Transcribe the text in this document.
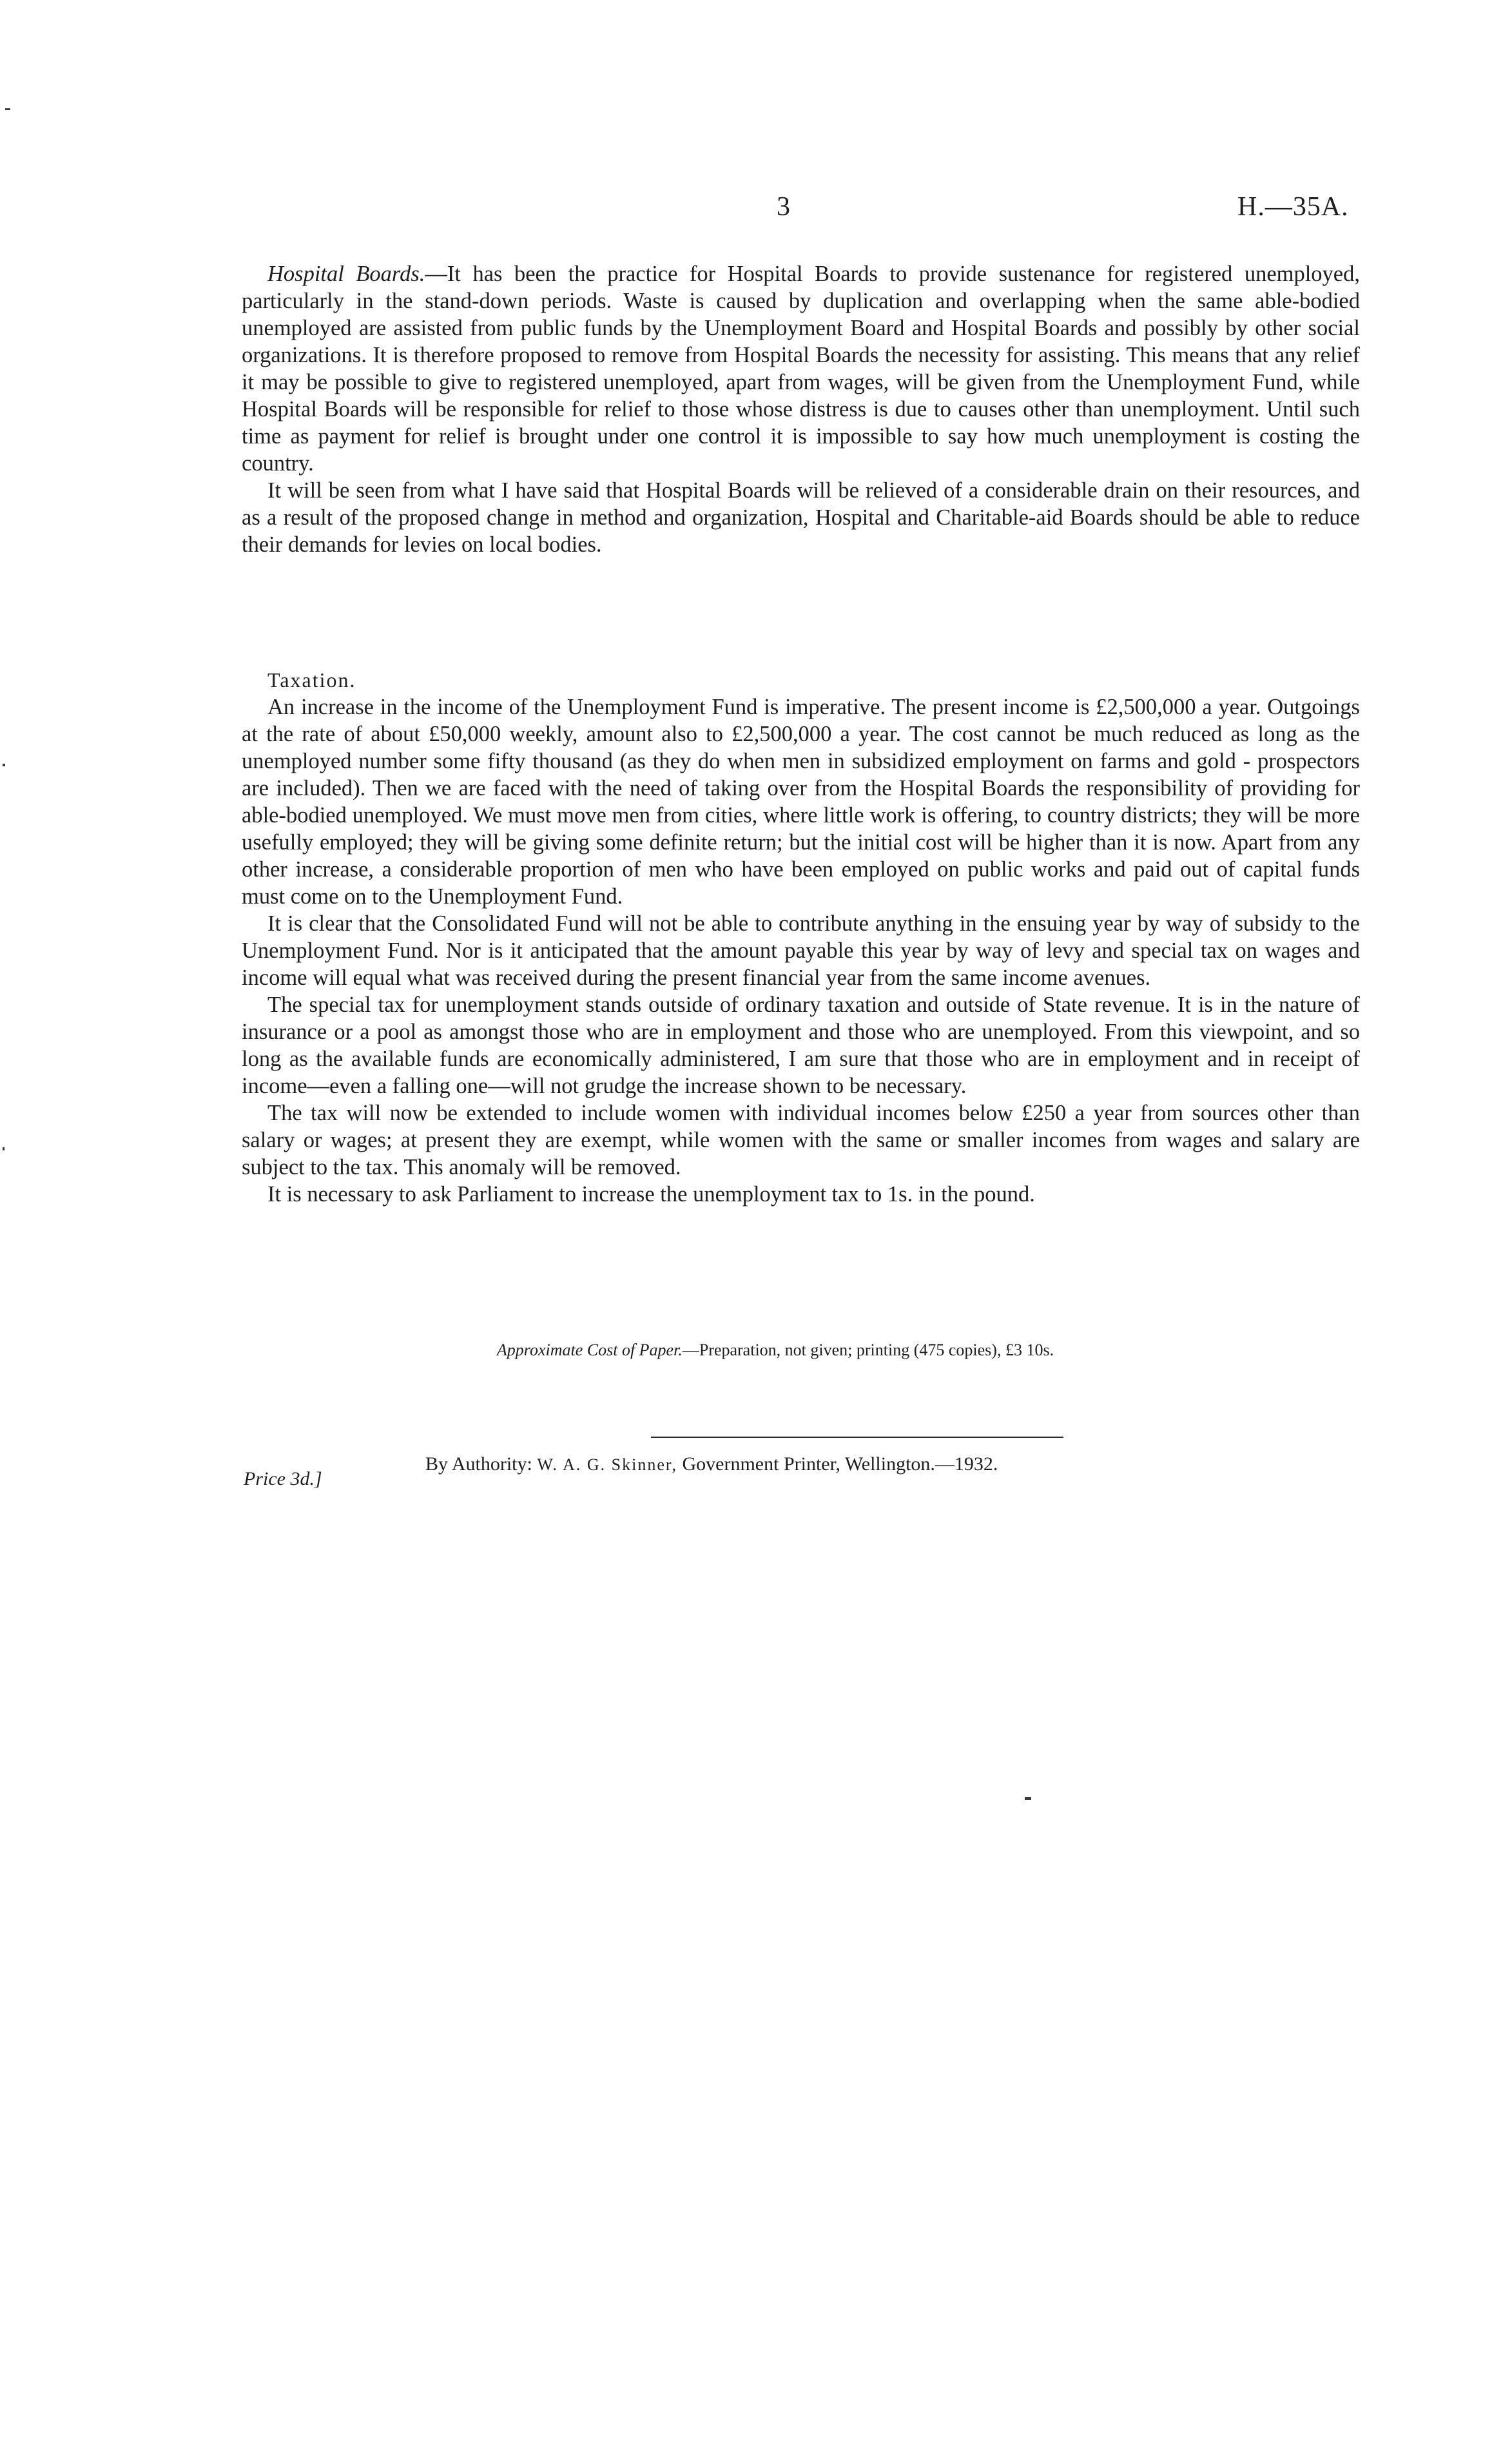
3	H.—35A.

Hospital Boards.—It has been the practice for Hospital Boards to provide sustenance for registered unemployed, particularly in the stand-down periods. Waste is caused by duplication and overlapping when the same able-bodied unemployed are assisted from public funds by the Unemployment Board and Hospital Boards and possibly by other social organizations. It is therefore proposed to remove from Hospital Boards the necessity for assisting. This means that any relief it may be possible to give to registered unemployed, apart from wages, will be given from the Unemployment Fund, while Hospital Boards will be responsible for relief to those whose distress is due to causes other than unemployment. Until such time as payment for relief is brought under one control it is impossible to say how much unemployment is costing the country.

It will be seen from what I have said that Hospital Boards will be relieved of a considerable drain on their resources, and as a result of the proposed change in method and organization, Hospital and Charitable-aid Boards should be able to reduce their demands for levies on local bodies.

Taxation.

An increase in the income of the Unemployment Fund is imperative. The present income is £2,500,000 a year. Outgoings at the rate of about £50,000 weekly, amount also to £2,500,000 a year. The cost cannot be much reduced as long as the unemployed number some fifty thousand (as they do when men in subsidized employment on farms and gold - prospectors are included). Then we are faced with the need of taking over from the Hospital Boards the responsibility of providing for able-bodied unemployed. We must move men from cities, where little work is offering, to country districts; they will be more usefully employed; they will be giving some definite return; but the initial cost will be higher than it is now. Apart from any other increase, a considerable proportion of men who have been employed on public works and paid out of capital funds must come on to the Unemployment Fund.

It is clear that the Consolidated Fund will not be able to contribute anything in the ensuing year by way of subsidy to the Unemployment Fund. Nor is it anticipated that the amount payable this year by way of levy and special tax on wages and income will equal what was received during the present financial year from the same income avenues.

The special tax for unemployment stands outside of ordinary taxation and outside of State revenue. It is in the nature of insurance or a pool as amongst those who are in employment and those who are unemployed. From this viewpoint, and so long as the available funds are economically administered, I am sure that those who are in employment and in receipt of income—even a falling one—will not grudge the increase shown to be necessary.

The tax will now be extended to include women with individual incomes below £250 a year from sources other than salary or wages; at present they are exempt, while women with the same or smaller incomes from wages and salary are subject to the tax. This anomaly will be removed.

It is necessary to ask Parliament to increase the unemployment tax to 1s. in the pound.

Approximate Cost of Paper.—Preparation, not given; printing (475 copies), £3 10s.
Price 3d.]
By Authority: W. A. G. Skinner, Government Printer, Wellington.—1932.
